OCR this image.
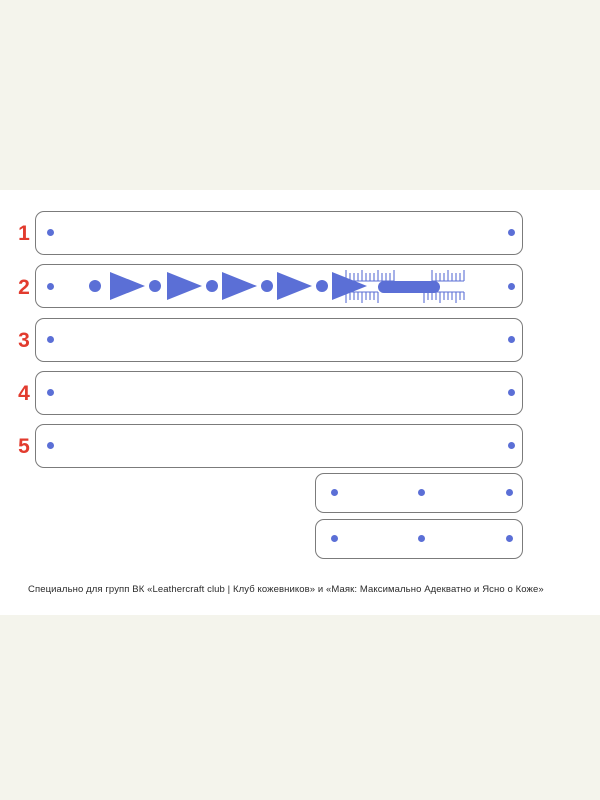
1
2
3
4
5
Специально для групп ВК «Leathercraft club | Клуб кожевников» и «Маяк: Максимально Адекватно и Ясно о Коже»
